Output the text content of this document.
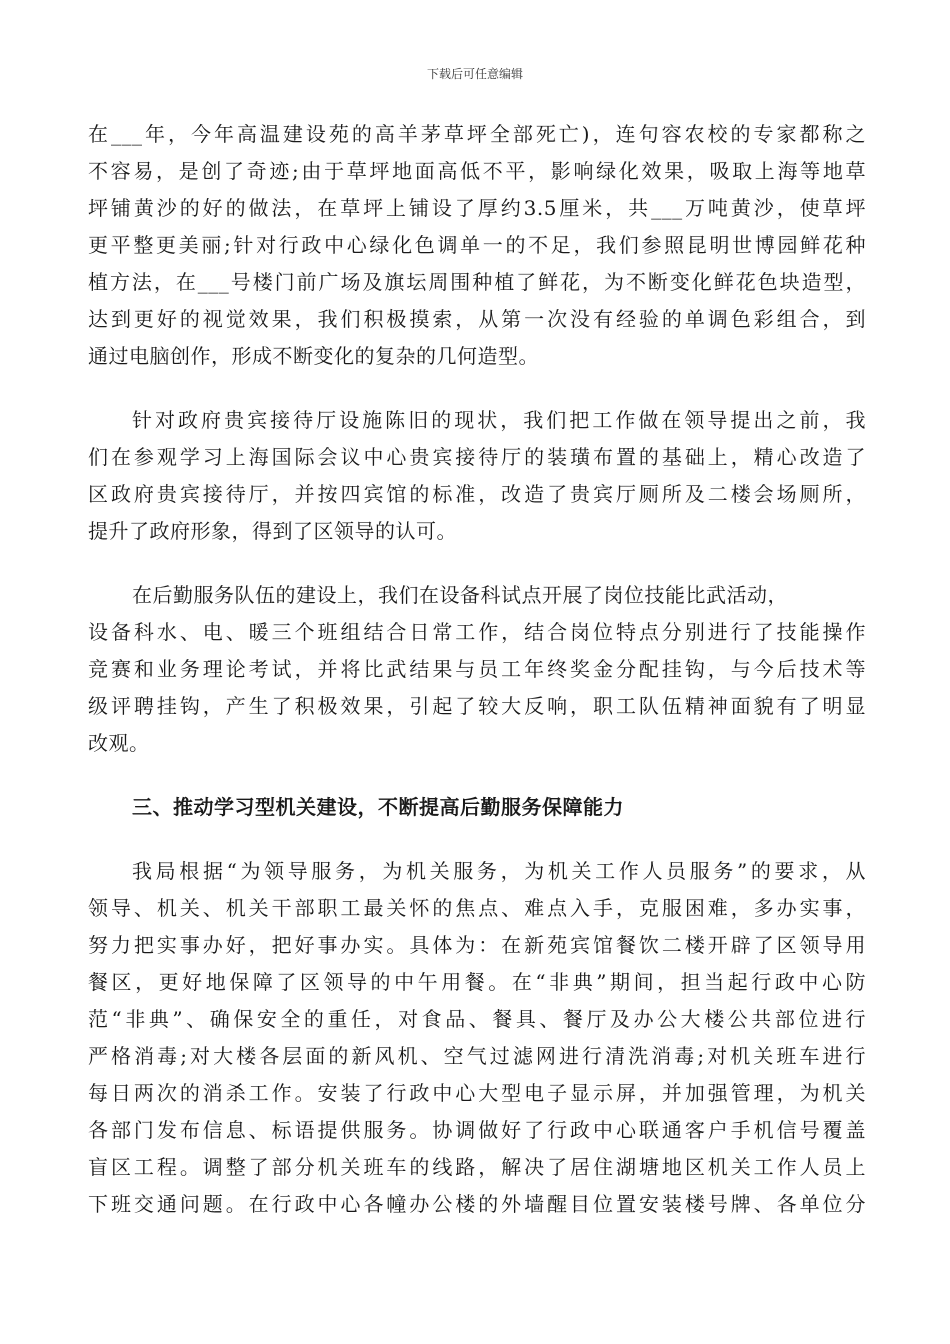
下载后可任意编辑
在___年，今年高温建设苑的高羊茅草坪全部死亡)，连句容农校的专家都称之
不容易，是创了奇迹;由于草坪地面高低不平，影响绿化效果，吸取上海等地草
坪铺黄沙的好的做法，在草坪上铺设了厚约3.5厘米，共___万吨黄沙，使草坪
更平整更美丽;针对行政中心绿化色调单一的不足，我们参照昆明世博园鲜花种
植方法，在___号楼门前广场及旗坛周围种植了鲜花，为不断变化鲜花色块造型，
达到更好的视觉效果，我们积极摸索，从第一次没有经验的单调色彩组合，到
通过电脑创作，形成不断变化的复杂的几何造型。
针对政府贵宾接待厅设施陈旧的现状，我们把工作做在领导提出之前，我
们在参观学习上海国际会议中心贵宾接待厅的装璜布置的基础上，精心改造了
区政府贵宾接待厅，并按四宾馆的标准，改造了贵宾厅厕所及二楼会场厕所，
提升了政府形象，得到了区领导的认可。
在后勤服务队伍的建设上，我们在设备科试点开展了岗位技能比武活动，
设备科水、电、暖三个班组结合日常工作，结合岗位特点分别进行了技能操作
竞赛和业务理论考试，并将比武结果与员工年终奖金分配挂钩，与今后技术等
级评聘挂钩，产生了积极效果，引起了较大反响，职工队伍精神面貌有了明显
改观。
三、推动学习型机关建设，不断提高后勤服务保障能力
我局根据“为领导服务，为机关服务，为机关工作人员服务”的要求，从
领导、机关、机关干部职工最关怀的焦点、难点入手，克服困难，多办实事，
努力把实事办好，把好事办实。具体为：在新苑宾馆餐饮二楼开辟了区领导用
餐区，更好地保障了区领导的中午用餐。在“非典”期间，担当起行政中心防
范“非典”、确保安全的重任，对食品、餐具、餐厅及办公大楼公共部位进行
严格消毒;对大楼各层面的新风机、空气过滤网进行清洗消毒;对机关班车进行
每日两次的消杀工作。安装了行政中心大型电子显示屏，并加强管理，为机关
各部门发布信息、标语提供服务。协调做好了行政中心联通客户手机信号覆盖
盲区工程。调整了部分机关班车的线路，解决了居住湖塘地区机关工作人员上
下班交通问题。在行政中心各幢办公楼的外墙醒目位置安装楼号牌、各单位分
